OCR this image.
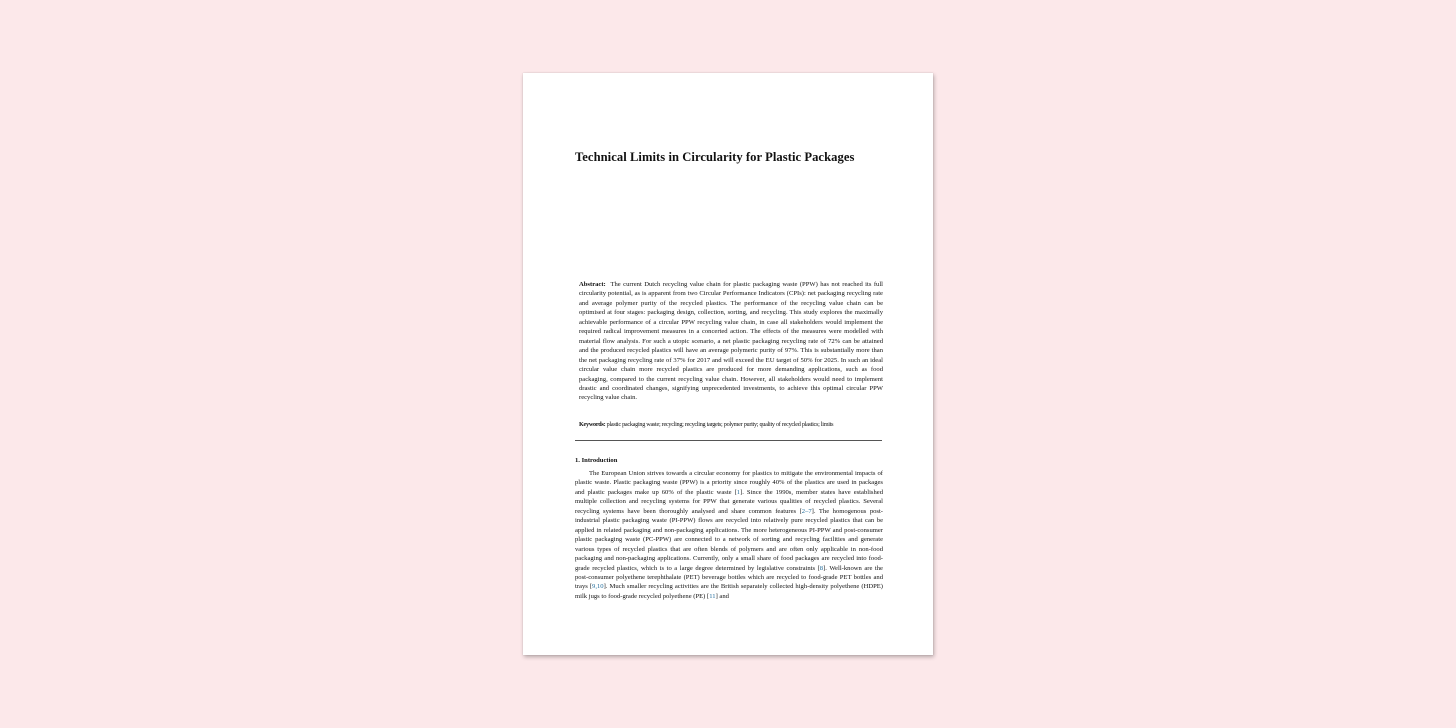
Technical Limits in Circularity for Plastic Packages

Abstract: The current Dutch recycling value chain for plastic packaging waste (PPW) has not reached its full circularity potential, as is apparent from two Circular Performance Indicators (CPIs): net packaging recycling rate and average polymer purity of the recycled plastics. The performance of the recycling value chain can be optimised at four stages: packaging design, collection, sorting, and recycling. This study explores the maximally achievable performance of a circular PPW recycling value chain, in case all stakeholders would implement the required radical improvement measures in a concerted action. The effects of the measures were modelled with material flow analysis. For such a utopic scenario, a net plastic packaging recycling rate of 72% can be attained and the produced recycled plastics will have an average polymeric purity of 97%. This is substantially more than the net packaging recycling rate of 37% for 2017 and will exceed the EU target of 50% for 2025. In such an ideal circular value chain more recycled plastics are produced for more demanding applications, such as food packaging, compared to the current recycling value chain. However, all stakeholders would need to implement drastic and coordinated changes, signifying unprecedented investments, to achieve this optimal circular PPW recycling value chain.

Keywords: plastic packaging waste; recycling; recycling targets; polymer purity; quality of recycled plastics; limits

1. Introduction

The European Union strives towards a circular economy for plastics to mitigate the environmental impacts of plastic waste. Plastic packaging waste (PPW) is a priority since roughly 40% of the plastics are used in packages and plastic packages make up 60% of the plastic waste [1]. Since the 1990s, member states have established multiple collection and recycling systems for PPW that generate various qualities of recycled plastics. Several recycling systems have been thoroughly analysed and share common features [2–7]. The homogenous post-industrial plastic packaging waste (PI-PPW) flows are recycled into relatively pure recycled plastics that can be applied in related packaging and non-packaging applications. The more heterogeneous PI-PPW and post-consumer plastic packaging waste (PC-PPW) are connected to a network of sorting and recycling facilities and generate various types of recycled plastics that are often blends of polymers and are often only applicable in non-food packaging and non-packaging applications. Currently, only a small share of food packages are recycled into food-grade recycled plastics, which is to a large degree determined by legislative constraints [8]. Well-known are the post-consumer polyethene terephthalate (PET) beverage bottles which are recycled to food-grade PET bottles and trays [9,10]. Much smaller recycling activities are the British separately collected high-density polyethene (HDPE) milk jugs to food-grade recycled polyethene (PE) [11] and
